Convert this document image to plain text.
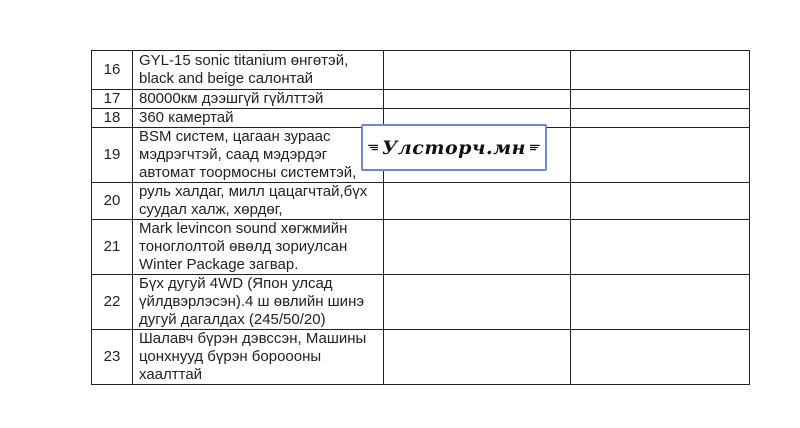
16	GYL-15 sonic titanium өнгөтэй,
black and beige салонтай		
17	80000км дээшгүй гүйлттэй		
18	360 камертай		
19	BSM систем, цагаан зураас
мэдрэгчтэй, саад мэдэрдэг
автомат тоормосны системтэй,		
20	руль халдаг, милл цацагчтай,бүх
суудал халж, хөрдөг,		
21	Mark levincon sound хөгжмийн
тоноглолтой өвөлд зориулсан
Winter Package загвар.		
22	Бүх дугуй 4WD (Япон улсад
үйлдвэрлэсэн).4 ш өвлийн шинэ
дугуй дагалдах (245/50/20)		
23	Шалавч бүрэн дэвссэн, Машины
цонхнууд бүрэн бороооны
хаалттай		
Улсторч.мн
